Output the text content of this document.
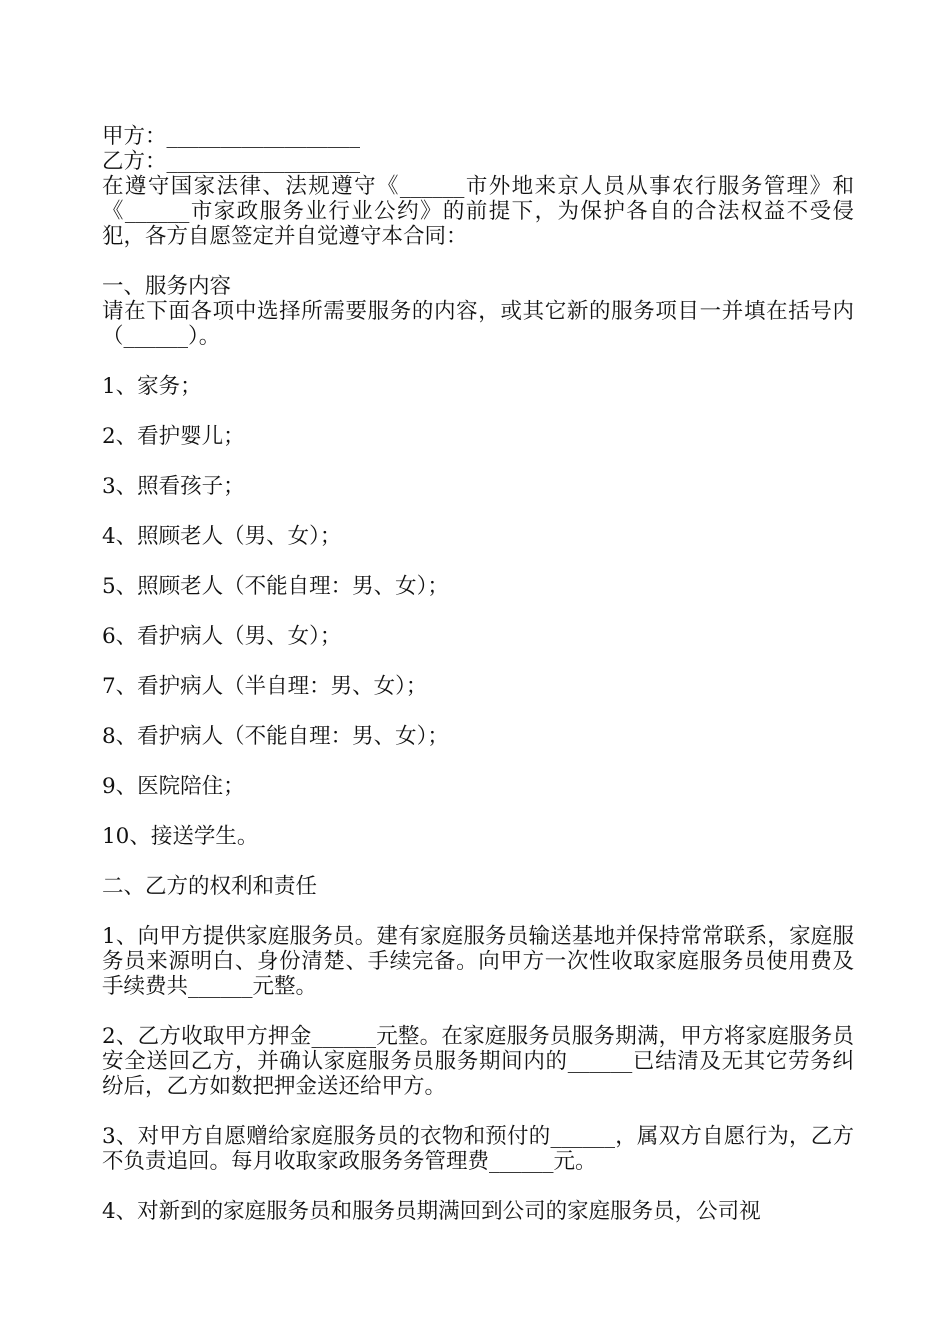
甲方：__________________
乙方：__________________
在遵守国家法律、法规遵守《______市外地来京人员从事农行服务管理》和《______市家政服务业行业公约》的前提下，为保护各自的合法权益不受侵犯，各方自愿签定并自觉遵守本合同：
一、服务内容
请在下面各项中选择所需要服务的内容，或其它新的服务项目一并填在括号内（______）。
1、家务；
2、看护婴儿；
3、照看孩子；
4、照顾老人（男、女）；
5、照顾老人（不能自理：男、女）；
6、看护病人（男、女）；
7、看护病人（半自理：男、女）；
8、看护病人（不能自理：男、女）；
9、医院陪住；
10、接送学生。
二、乙方的权利和责任
1、向甲方提供家庭服务员。建有家庭服务员输送基地并保持常常联系，家庭服务员来源明白、身份清楚、手续完备。向甲方一次性收取家庭服务员使用费及手续费共______元整。
2、乙方收取甲方押金______元整。在家庭服务员服务期满，甲方将家庭服务员安全送回乙方，并确认家庭服务员服务期间内的______已结清及无其它劳务纠纷后，乙方如数把押金送还给甲方。
3、对甲方自愿赠给家庭服务员的衣物和预付的______，属双方自愿行为，乙方不负责追回。每月收取家政服务务管理费______元。
4、对新到的家庭服务员和服务员期满回到公司的家庭服务员，公司视
